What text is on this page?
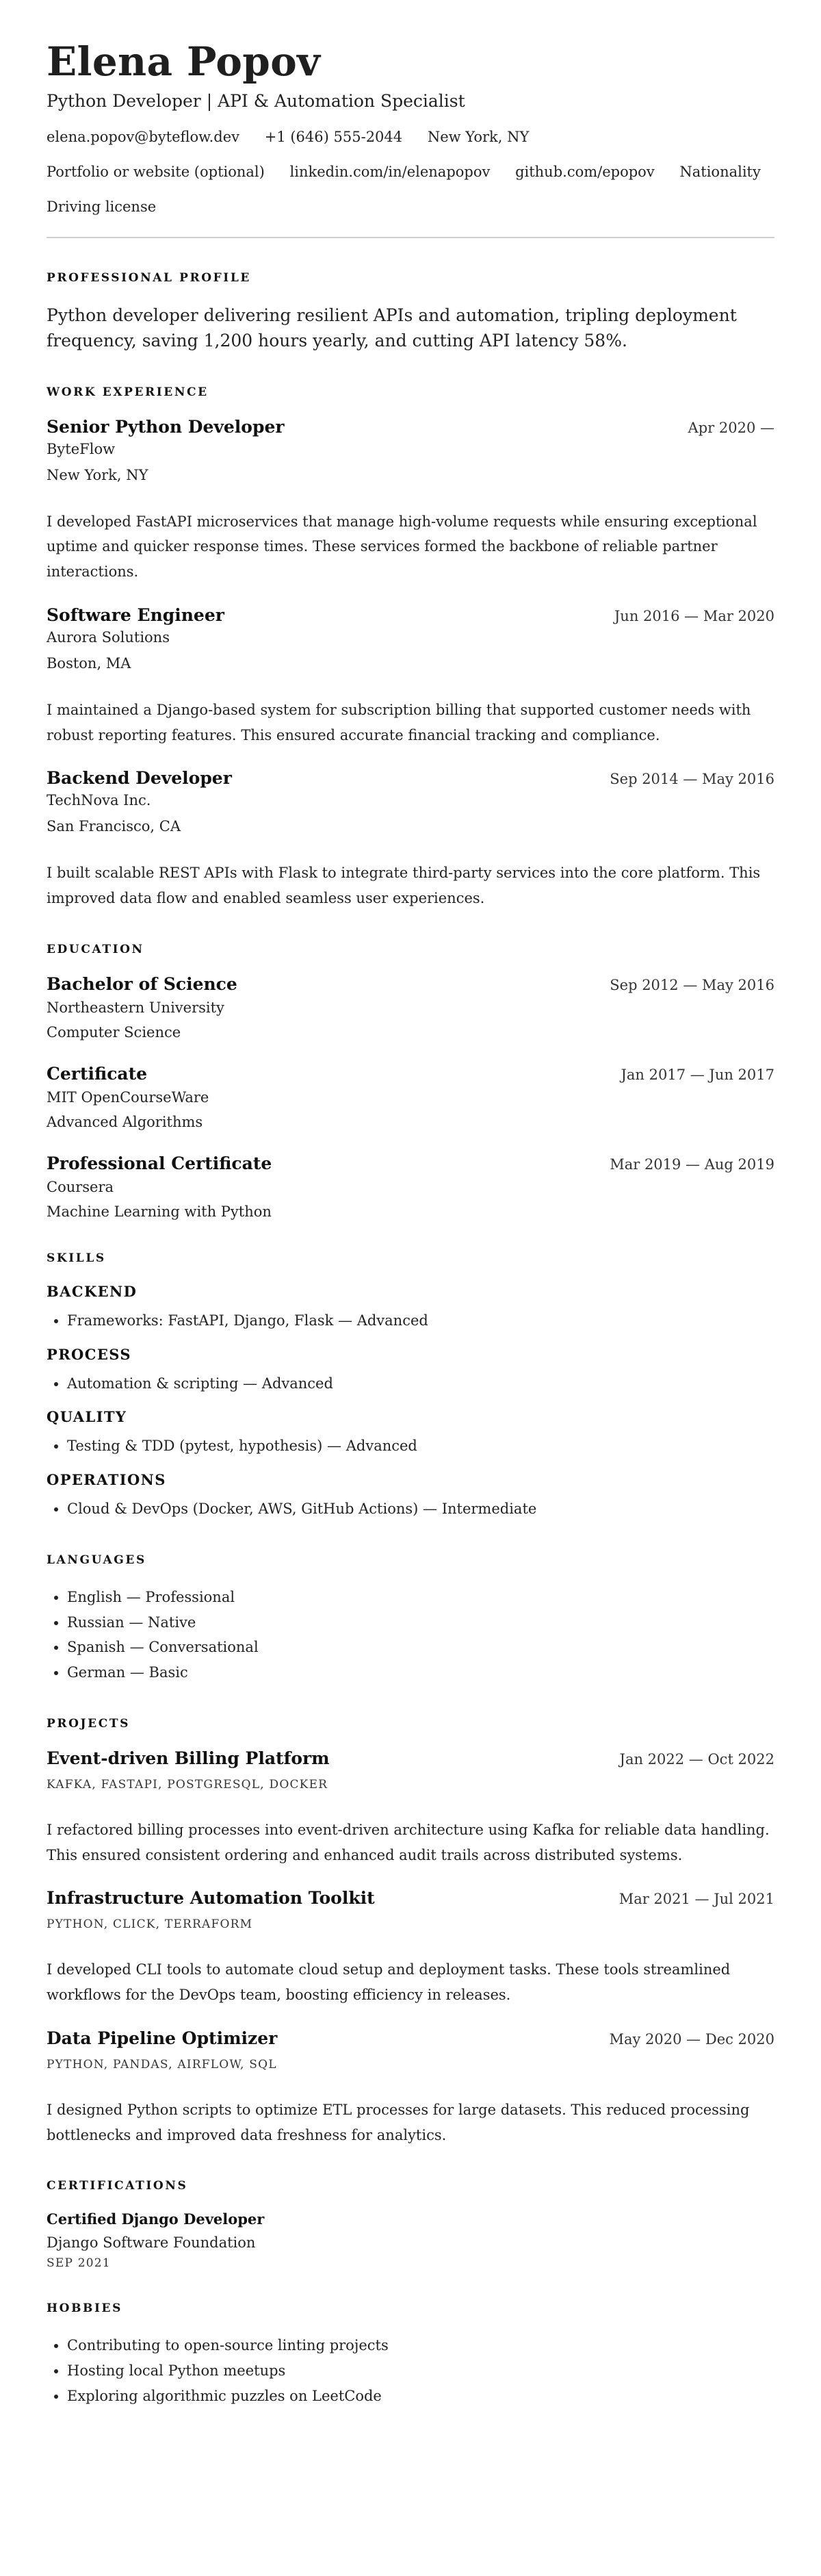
Elena Popov
Python Developer | API & Automation Specialist
elena.popov@byteflow.dev +1 (646) 555-2044 New York, NY
Portfolio or website (optional) linkedin.com/in/elenapopov github.com/epopov Nationality
Driving license
PROFESSIONAL PROFILE

Python developer delivering resilient APIs and automation, tripling deployment frequency, saving 1,200 hours yearly, and cutting API latency 58%.

WORK EXPERIENCE
Senior Python Developer	Apr 2020 —
ByteFlow
New York, NY

I developed FastAPI microservices that manage high-volume requests while ensuring exceptional uptime and quicker response times. These services formed the backbone of reliable partner interactions.

Software Engineer	Jun 2016 — Mar 2020
Aurora Solutions
Boston, MA

I maintained a Django-based system for subscription billing that supported customer needs with robust reporting features. This ensured accurate financial tracking and compliance.

Backend Developer	Sep 2014 — May 2016
TechNova Inc.
San Francisco, CA

I built scalable REST APIs with Flask to integrate third-party services into the core platform. This improved data flow and enabled seamless user experiences.

EDUCATION
Bachelor of Science	Sep 2012 — May 2016
Northeastern University
Computer Science
Certificate	Jan 2017 — Jun 2017
MIT OpenCourseWare
Advanced Algorithms
Professional Certificate	Mar 2019 — Aug 2019
Coursera
Machine Learning with Python
SKILLS
BACKEND
• Frameworks: FastAPI, Django, Flask — Advanced
PROCESS
• Automation & scripting — Advanced
QUALITY
• Testing & TDD (pytest, hypothesis) — Advanced
OPERATIONS
• Cloud & DevOps (Docker, AWS, GitHub Actions) — Intermediate
LANGUAGES
• English — Professional
• Russian — Native
• Spanish — Conversational
• German — Basic
PROJECTS
Event-driven Billing Platform	Jan 2022 — Oct 2022
KAFKA, FASTAPI, POSTGRESQL, DOCKER

I refactored billing processes into event-driven architecture using Kafka for reliable data handling. This ensured consistent ordering and enhanced audit trails across distributed systems.

Infrastructure Automation Toolkit	Mar 2021 — Jul 2021
PYTHON, CLICK, TERRAFORM

I developed CLI tools to automate cloud setup and deployment tasks. These tools streamlined workflows for the DevOps team, boosting efficiency in releases.

Data Pipeline Optimizer	May 2020 — Dec 2020
PYTHON, PANDAS, AIRFLOW, SQL

I designed Python scripts to optimize ETL processes for large datasets. This reduced processing bottlenecks and improved data freshness for analytics.

CERTIFICATIONS
Certified Django Developer
Django Software Foundation
SEP 2021
HOBBIES
• Contributing to open-source linting projects
• Hosting local Python meetups
• Exploring algorithmic puzzles on LeetCode
